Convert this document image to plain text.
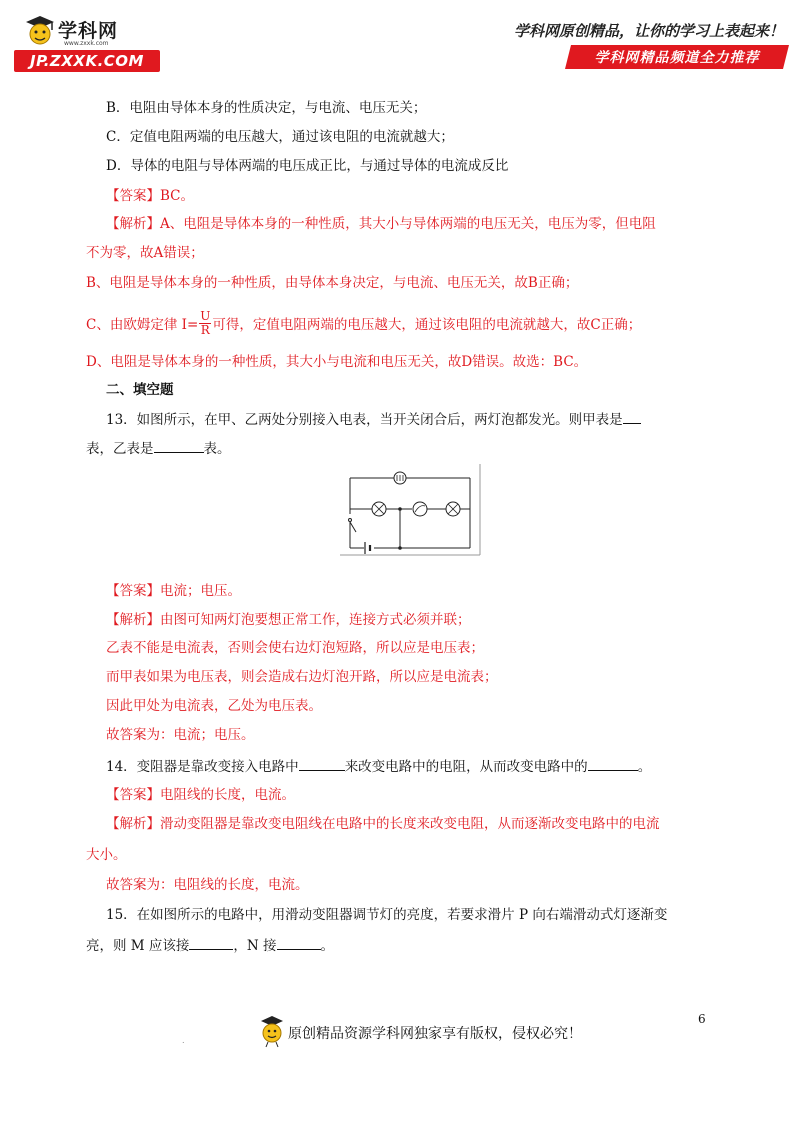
学科网
www.zxxk.com
JP.ZXXK.COM
学科网原创精品，让你的学习上表起来！
学科网精品频道全力推荐
B．电阻由导体本身的性质决定，与电流、电压无关；
C．定值电阻两端的电压越大，通过该电阻的电流就越大；
D．导体的电阻与导体两端的电压成正比，与通过导体的电流成反比
【答案】BC。
【解析】A、电阻是导体本身的一种性质，其大小与导体两端的电压无关，电压为零，但电阻
不为零，故A错误；
B、电阻是导体本身的一种性质，由导体本身决定，与电流、电压无关，故B正确；
C、由欧姆定律 $I= \frac{U}{R}$ 可得，定值电阻两端的电压越大，通过该电阻的电流就越大，故C正确；
D、电阻是导体本身的一种性质，其大小与电流和电压无关，故D错误。故选：BC。
二、填空题
13．如图所示，在甲、乙两处分别接入电表，当开关闭合后，两灯泡都发光。则甲表是
表，乙表是	表。
【答案】电流；电压。
【解析】由图可知两灯泡要想正常工作，连接方式必须并联；
乙表不能是电流表，否则会使右边灯泡短路，所以应是电压表；
而甲表如果为电压表，则会造成右边灯泡开路，所以应是电流表；
因此甲处为电流表，乙处为电压表。
故答案为：电流；电压。
14．变阻器是靠改变接入电路中	来改变电路中的电阻，从而改变电路中的	。
【答案】电阻线的长度，电流。
【解析】滑动变阻器是靠改变电阻线在电路中的长度来改变电阻，从而逐渐改变电路中的电流
大小。
故答案为：电阻线的长度，电流。
15．在如图所示的电路中，用滑动变阻器调节灯的亮度，若要求滑片 P 向右端滑动式灯逐渐变
亮，则 M 应该接	，N 接	。
6
.	原创精品资源学科网独家享有版权，侵权必究！
